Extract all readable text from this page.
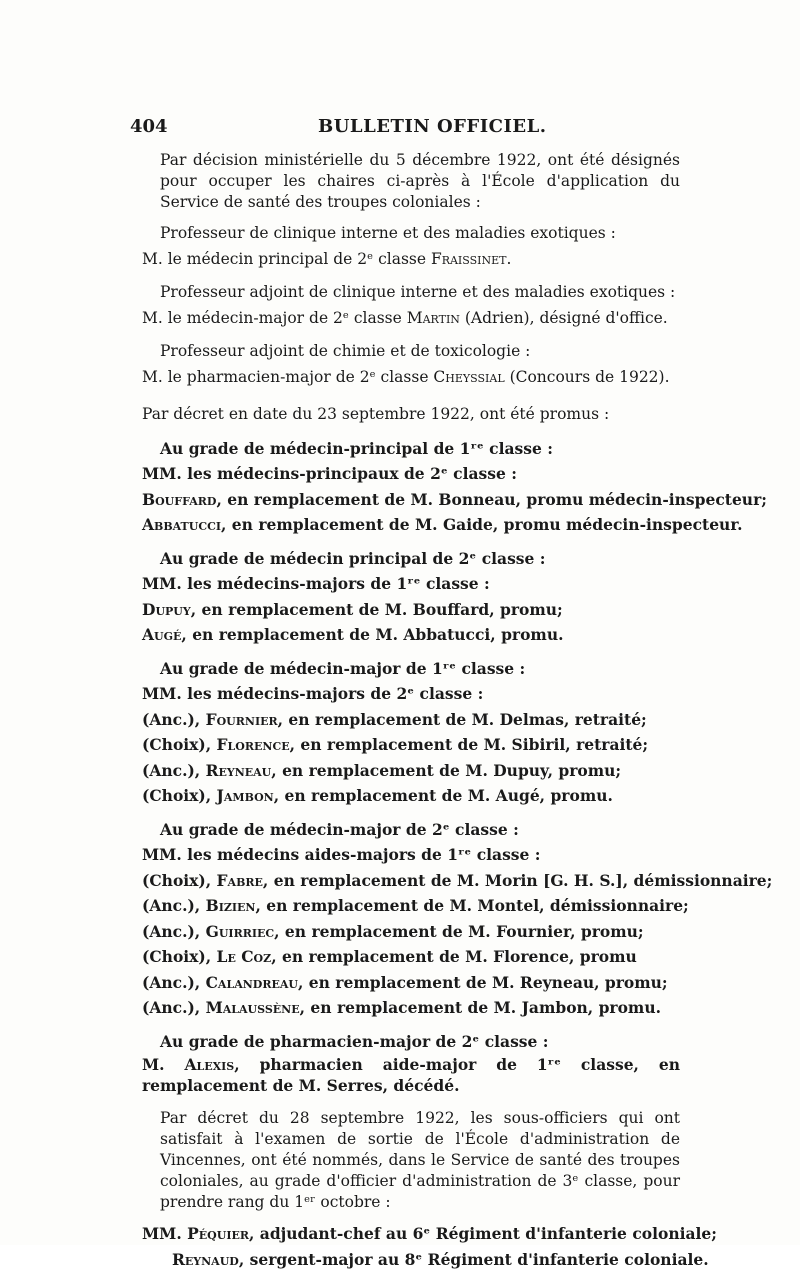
404	BULLETIN OFFICIEL.

Par décision ministérielle du 5 décembre 1922, ont été désignés pour occuper les chaires ci-après à l'École d'application du Service de santé des troupes coloniales :

Professeur de clinique interne et des maladies exotiques :

M. le médecin principal de 2ᵉ classe Fraissinet.

Professeur adjoint de clinique interne et des maladies exotiques :

M. le médecin-major de 2ᵉ classe Martin (Adrien), désigné d'office.

Professeur adjoint de chimie et de toxicologie :

M. le pharmacien-major de 2ᵉ classe Cheyssial (Concours de 1922).

Par décret en date du 23 septembre 1922, ont été promus :

Au grade de médecin-principal de 1ʳᵉ classe :

MM. les médecins-principaux de 2ᵉ classe :

Bouffard, en remplacement de M. Bonneau, promu médecin-inspecteur;

Abbatucci, en remplacement de M. Gaide, promu médecin-inspecteur.

Au grade de médecin principal de 2ᵉ classe :

MM. les médecins-majors de 1ʳᵉ classe :

Dupuy, en remplacement de M. Bouffard, promu;

Augé, en remplacement de M. Abbatucci, promu.

Au grade de médecin-major de 1ʳᵉ classe :

MM. les médecins-majors de 2ᵉ classe :

(Anc.), Fournier, en remplacement de M. Delmas, retraité;

(Choix), Florence, en remplacement de M. Sibiril, retraité;

(Anc.), Reyneau, en remplacement de M. Dupuy, promu;

(Choix), Jambon, en remplacement de M. Augé, promu.

Au grade de médecin-major de 2ᵉ classe :

MM. les médecins aides-majors de 1ʳᵉ classe :

(Choix), Fabre, en remplacement de M. Morin [G. H. S.], démissionnaire;

(Anc.), Bizien, en remplacement de M. Montel, démissionnaire;

(Anc.), Guirriec, en remplacement de M. Fournier, promu;

(Choix), Le Coz, en remplacement de M. Florence, promu

(Anc.), Calandreau, en remplacement de M. Reyneau, promu;

(Anc.), Malaussène, en remplacement de M. Jambon, promu.

Au grade de pharmacien-major de 2ᵉ classe :

M. Alexis, pharmacien aide-major de 1ʳᵉ classe, en remplacement de M. Serres, décédé.

Par décret du 28 septembre 1922, les sous-officiers qui ont satisfait à l'examen de sortie de l'École d'administration de Vincennes, ont été nommés, dans le Service de santé des troupes coloniales, au grade d'officier d'administration de 3ᵉ classe, pour prendre rang du 1ᵉʳ octobre :

MM. Péquier, adjudant-chef au 6ᵉ Régiment d'infanterie coloniale;

Reynaud, sergent-major au 8ᵉ Régiment d'infanterie coloniale.
